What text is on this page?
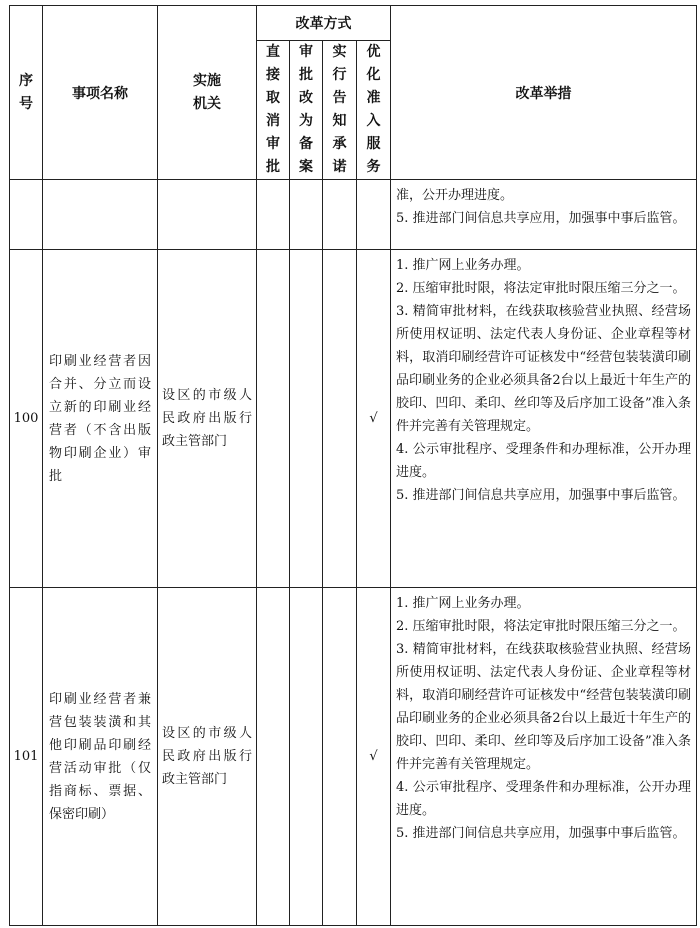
序号	事项名称	实施机关	改革方式				改革举措

			直接取消审批	审批改为备案	实行告知承诺	优化准入服务	

							准，公开办理进度。
5. 推进部门间信息共享应用，加强事中事后监管。

100	印刷业经营者因合并、分立而设立新的印刷业经营者（不含出版物印刷企业）审批	设区的市级人民政府出版行政主管部门				√	1. 推广网上业务办理。
2. 压缩审批时限，将法定审批时限压缩三分之一。
3. 精简审批材料，在线获取核验营业执照、经营场所使用权证明、法定代表人身份证、企业章程等材料，取消印刷经营许可证核发中“经营包装装潢印刷品印刷业务的企业必须具备2台以上最近十年生产的胶印、凹印、柔印、丝印等及后序加工设备”准入条件并完善有关管理规定。
4. 公示审批程序、受理条件和办理标准，公开办理进度。
5. 推进部门间信息共享应用，加强事中事后监管。

101	印刷业经营者兼营包装装潢和其他印刷品印刷经营活动审批（仅指商标、票据、保密印刷）	设区的市级人民政府出版行政主管部门				√	1. 推广网上业务办理。
2. 压缩审批时限，将法定审批时限压缩三分之一。
3. 精简审批材料，在线获取核验营业执照、经营场所使用权证明、法定代表人身份证、企业章程等材料，取消印刷经营许可证核发中“经营包装装潢印刷品印刷业务的企业必须具备2台以上最近十年生产的胶印、凹印、柔印、丝印等及后序加工设备”准入条件并完善有关管理规定。
4. 公示审批程序、受理条件和办理标准，公开办理进度。
5. 推进部门间信息共享应用，加强事中事后监管。
